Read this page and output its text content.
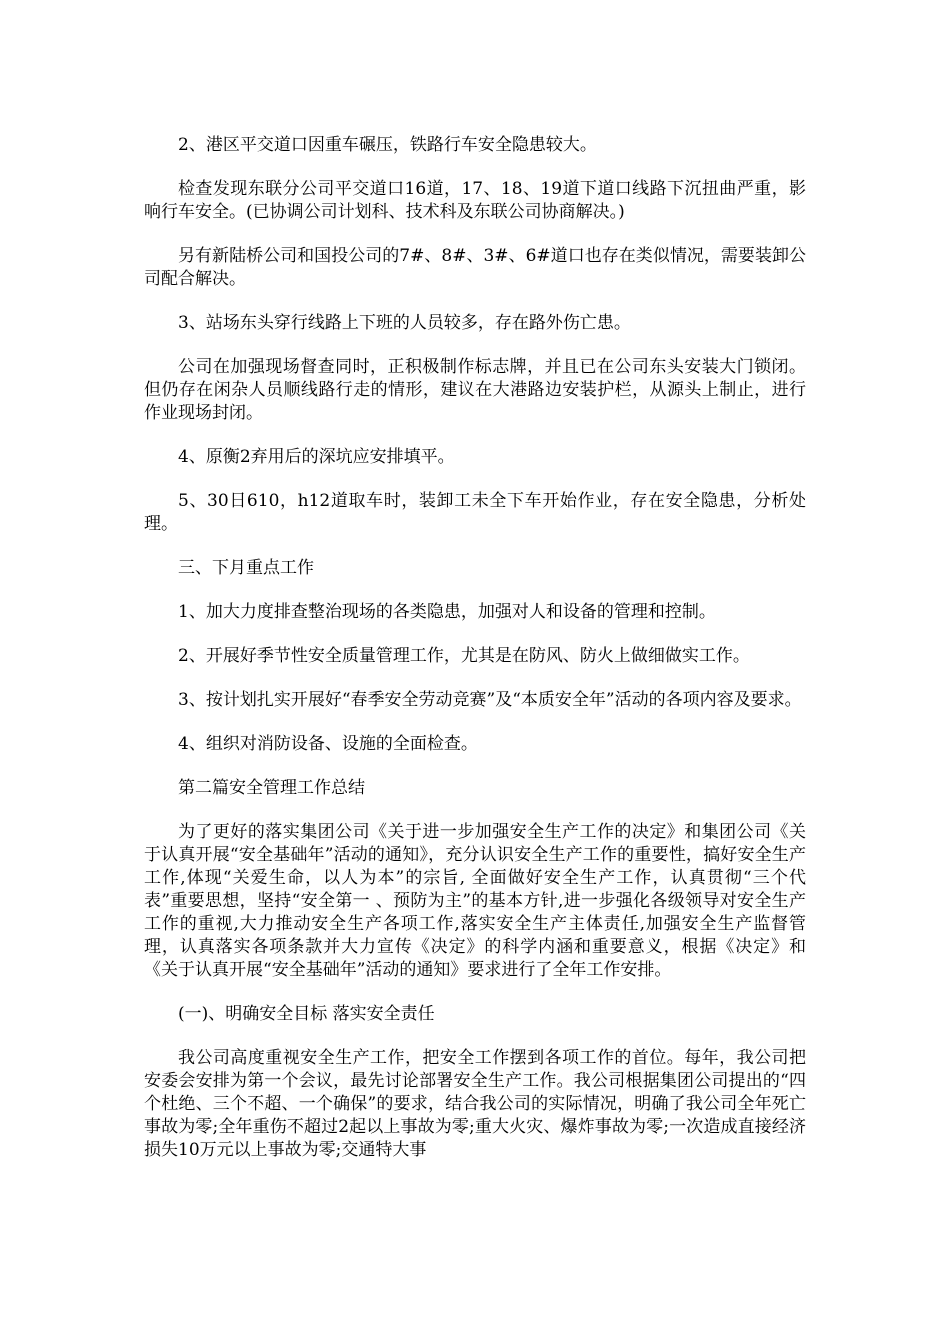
2、港区平交道口因重车碾压，铁路行车安全隐患较大。

检查发现东联分公司平交道口16道，17、18、19道下道口线路下沉扭曲严重，影响行车安全。(已协调公司计划科、技术科及东联公司协商解决。)

另有新陆桥公司和国投公司的7#、8#、3#、6#道口也存在类似情况，需要装卸公司配合解决。

3、站场东头穿行线路上下班的人员较多，存在路外伤亡患。

公司在加强现场督查同时，正积极制作标志牌，并且已在公司东头安装大门锁闭。但仍存在闲杂人员顺线路行走的情形，建议在大港路边安装护栏，从源头上制止，进行作业现场封闭。

4、原衡2弃用后的深坑应安排填平。

5、30日610，h12道取车时，装卸工未全下车开始作业，存在安全隐患，分析处理。

三、下月重点工作

1、加大力度排查整治现场的各类隐患，加强对人和设备的管理和控制。

2、开展好季节性安全质量管理工作，尤其是在防风、防火上做细做实工作。

3、按计划扎实开展好“春季安全劳动竞赛”及“本质安全年”活动的各项内容及要求。

4、组织对消防设备、设施的全面检查。

第二篇安全管理工作总结

为了更好的落实集团公司《关于进一步加强安全生产工作的决定》和集团公司《关于认真开展“安全基础年”活动的通知》，充分认识安全生产工作的重要性，搞好安全生产工作,体现“关爱生命，以人为本”的宗旨, 全面做好安全生产工作，认真贯彻“三个代表”重要思想，坚持“安全第一 、预防为主”的基本方针,进一步强化各级领导对安全生产工作的重视,大力推动安全生产各项工作,落实安全生产主体责任,加强安全生产监督管理，认真落实各项条款并大力宣传《决定》的科学内涵和重要意义，根据《决定》和《关于认真开展“安全基础年”活动的通知》要求进行了全年工作安排。

(一)、明确安全目标 落实安全责任

我公司高度重视安全生产工作，把安全工作摆到各项工作的首位。每年，我公司把安委会安排为第一个会议，最先讨论部署安全生产工作。我公司根据集团公司提出的“四个杜绝、三个不超、一个确保”的要求，结合我公司的实际情况，明确了我公司全年死亡事故为零;全年重伤不超过2起以上事故为零;重大火灾、爆炸事故为零;一次造成直接经济损失10万元以上事故为零;交通特大事
